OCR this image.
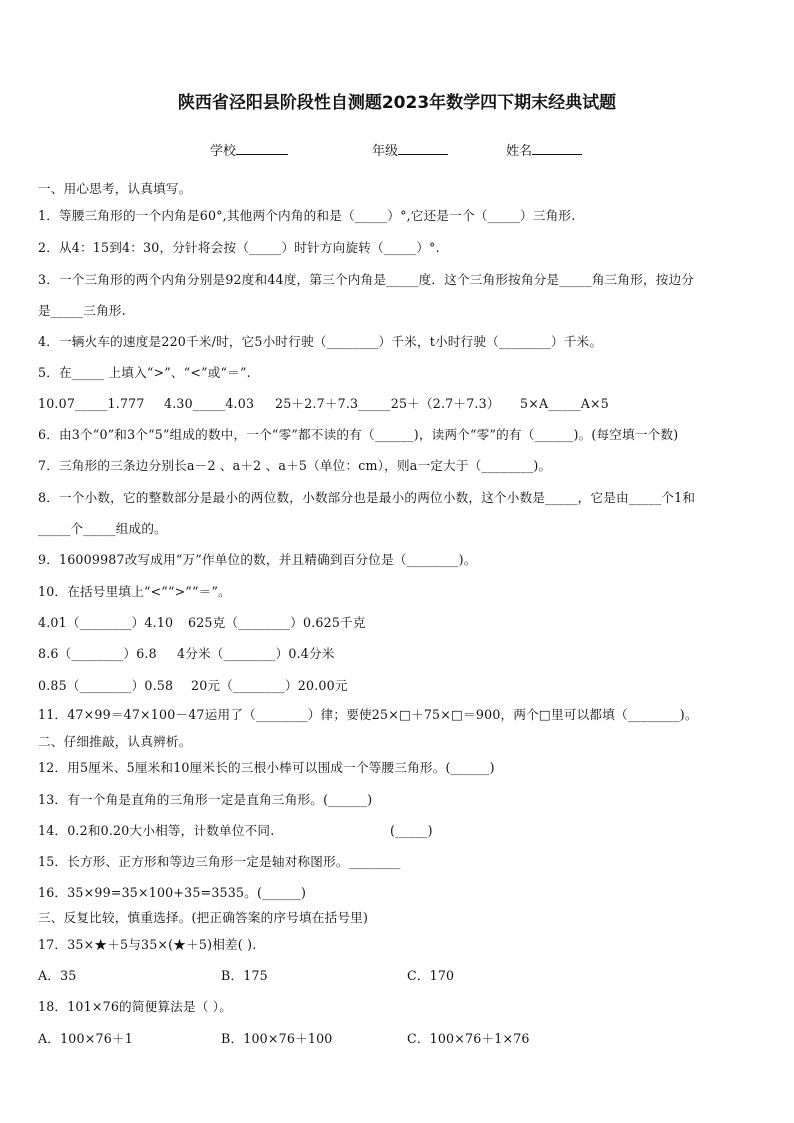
陕西省泾阳县阶段性自测题2023年数学四下期末经典试题
学校	年级	姓名
一、用心思考，认真填写。
1．等腰三角形的一个内角是60°,其他两个内角的和是（_____）°,它还是一个（_____）三角形.
2．从4：15到4：30，分针将会按（_____）时针方向旋转（_____）°.
3．一个三角形的两个内角分别是92度和44度，第三个内角是_____度．这个三角形按角分是_____角三角形，按边分
是_____三角形.
4．一辆火车的速度是220千米/时，它5小时行驶（________）千米，t小时行驶（________）千米。
5．在_____ 上填入“>”、“<”或“＝”.
10.07_____1.777 4.30_____4.03 25＋2.7＋7.3_____25＋（2.7＋7.3） 5×A_____A×5
6．由3个“0”和3个“5”组成的数中，一个“零”都不读的有（______)，读两个“零”的有（______)。(每空填一个数)
7．三角形的三条边分别长a－2 、a＋2 、a＋5（单位：cm），则a一定大于（________)。
8．一个小数，它的整数部分是最小的两位数，小数部分也是最小的两位小数，这个小数是_____，它是由_____个1和
_____个_____组成的。
9．16009987改写成用“万”作单位的数，并且精确到百分位是（________)。
10．在括号里填上“<”“>”“＝”。
4.01（________）4.10 625克（________）0.625千克
8.6（________）6.8 4分米（________）0.4分米
0.85（________）0.58 20元（________）20.00元
11．47×99＝47×100－47运用了（________）律；要使25×□＋75×□＝900，两个□里可以都填（________)。
二、仔细推敲，认真辨析。
12．用5厘米、5厘米和10厘米长的三根小棒可以围成一个等腰三角形。(______)
13．有一个角是直角的三角形一定是直角三角形。(______)
14．0.2和0.20大小相等，计数单位不同.	(_____)
15．长方形、正方形和等边三角形一定是轴对称图形。________
16．35×99=35×100+35=3535。(______)
三、反复比较，慎重选择。(把正确答案的序号填在括号里)
17．35×★＋5与35×(★＋5)相差( ).
A．35	B．175	C．170
18．101×76的简便算法是（ ）。
A．100×76＋1	B．100×76＋100	C．100×76＋1×76
